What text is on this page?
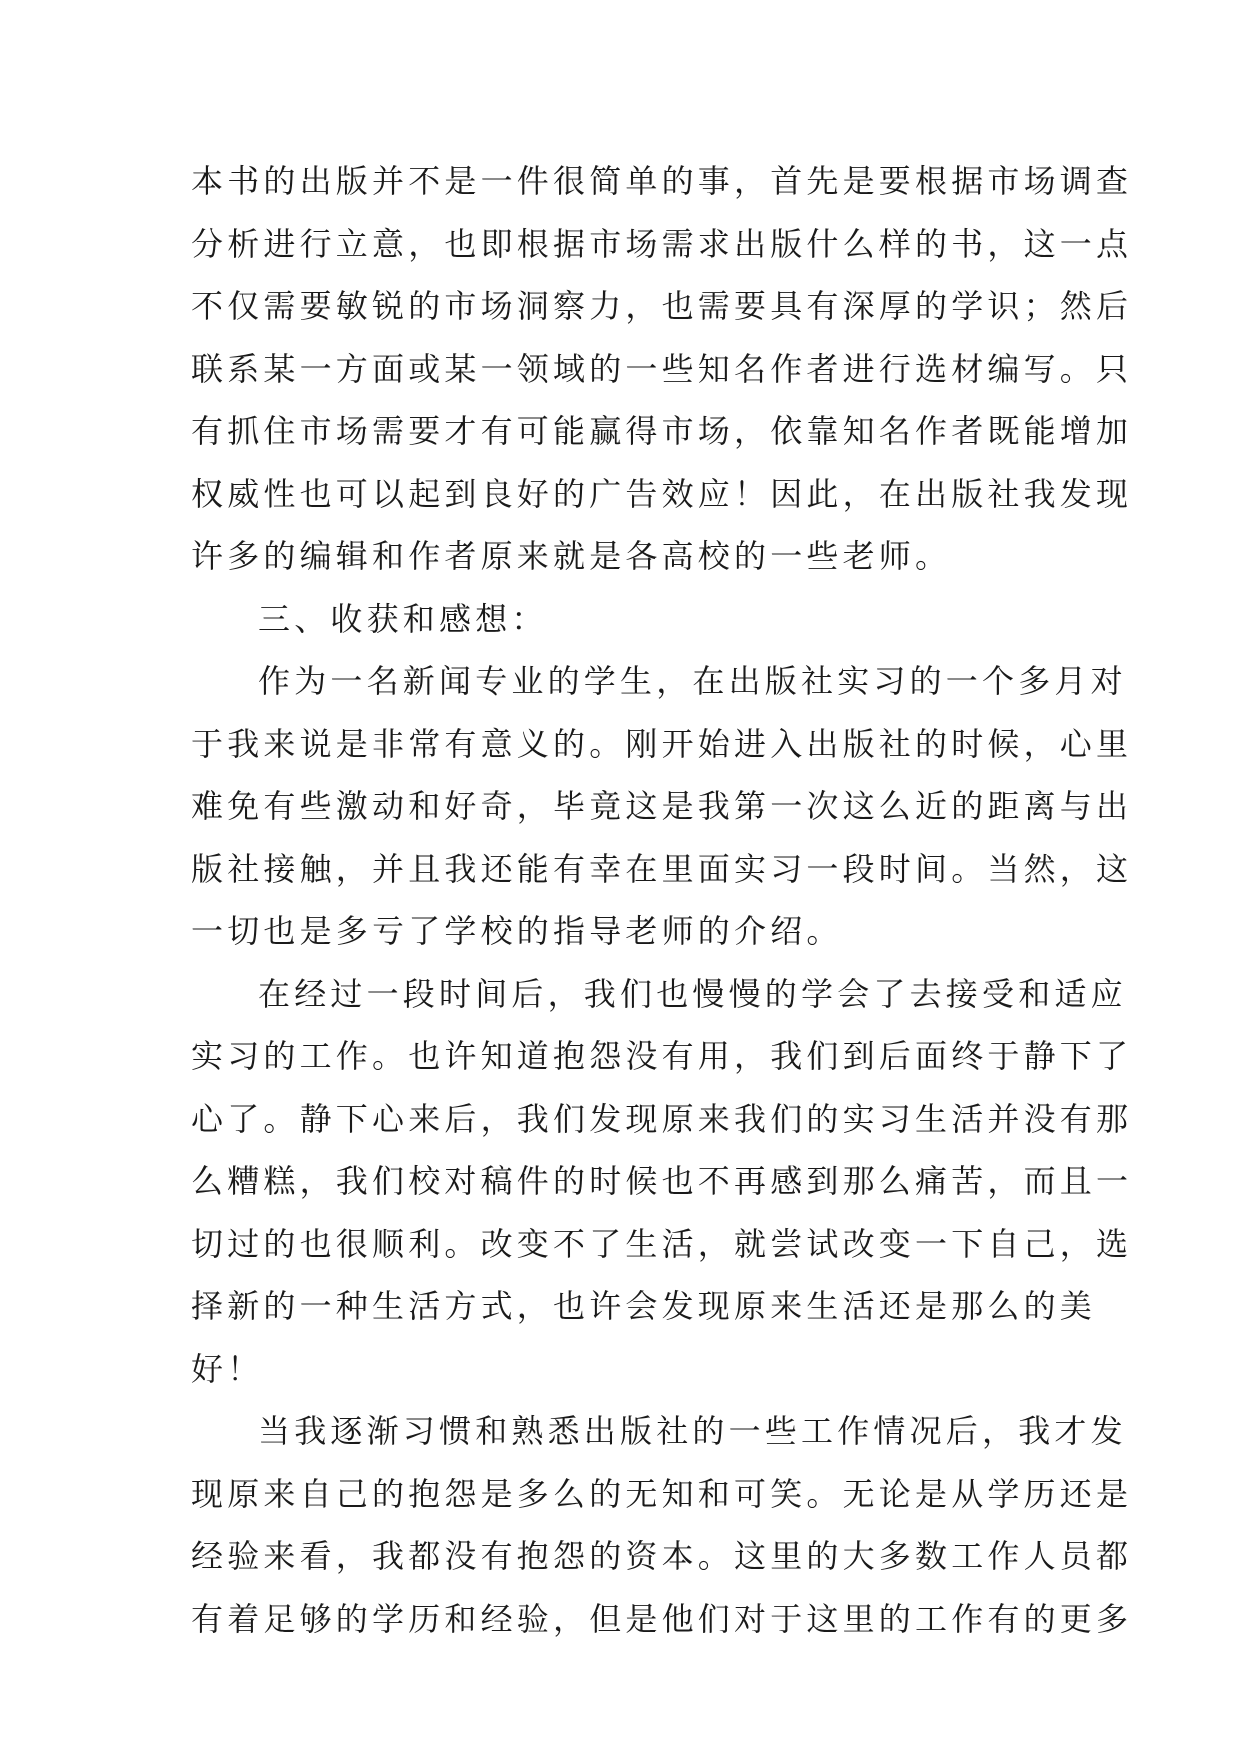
本书的出版并不是一件很简单的事，首先是要根据市场调查
分析进行立意，也即根据市场需求出版什么样的书，这一点
不仅需要敏锐的市场洞察力，也需要具有深厚的学识；然后
联系某一方面或某一领域的一些知名作者进行选材编写。只
有抓住市场需要才有可能赢得市场，依靠知名作者既能增加
权威性也可以起到良好的广告效应！因此，在出版社我发现
许多的编辑和作者原来就是各高校的一些老师。
三、收获和感想：
作为一名新闻专业的学生，在出版社实习的一个多月对
于我来说是非常有意义的。刚开始进入出版社的时候，心里
难免有些激动和好奇，毕竟这是我第一次这么近的距离与出
版社接触，并且我还能有幸在里面实习一段时间。当然，这
一切也是多亏了学校的指导老师的介绍。
在经过一段时间后，我们也慢慢的学会了去接受和适应
实习的工作。也许知道抱怨没有用，我们到后面终于静下了
心了。静下心来后，我们发现原来我们的实习生活并没有那
么糟糕，我们校对稿件的时候也不再感到那么痛苦，而且一
切过的也很顺利。改变不了生活，就尝试改变一下自己，选
择新的一种生活方式，也许会发现原来生活还是那么的美
好！
当我逐渐习惯和熟悉出版社的一些工作情况后，我才发
现原来自己的抱怨是多么的无知和可笑。无论是从学历还是
经验来看，我都没有抱怨的资本。这里的大多数工作人员都
有着足够的学历和经验，但是他们对于这里的工作有的更多
